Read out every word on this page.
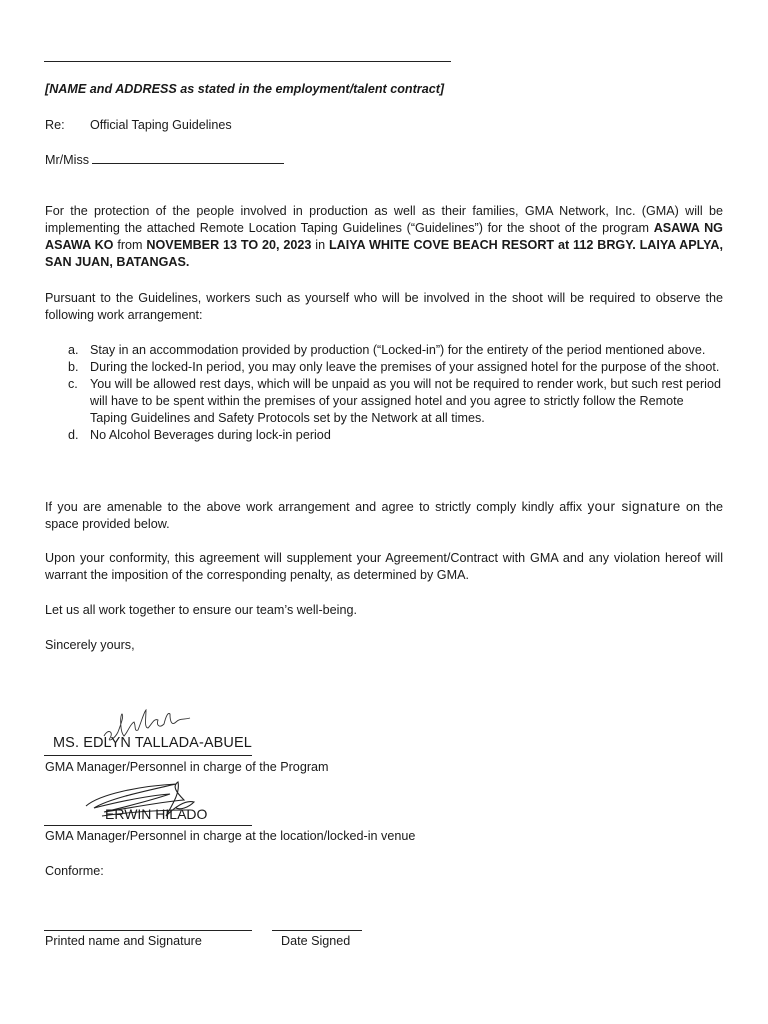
[NAME and ADDRESS as stated in the employment/talent contract]
Re: Official Taping Guidelines
Mr/Miss
For the protection of the people involved in production as well as their families, GMA Network, Inc. (GMA) will be implementing the attached Remote Location Taping Guidelines (“Guidelines”) for the shoot of the program ASAWA NG ASAWA KO from NOVEMBER 13 TO 20, 2023 in LAIYA WHITE COVE BEACH RESORT at 112 BRGY. LAIYA APLYA, SAN JUAN, BATANGAS.
Pursuant to the Guidelines, workers such as yourself who will be involved in the shoot will be required to observe the following work arrangement:
a. Stay in an accommodation provided by production (“Locked-in”) for the entirety of the period mentioned above.
b. During the locked-In period, you may only leave the premises of your assigned hotel for the purpose of the shoot.
c. You will be allowed rest days, which will be unpaid as you will not be required to render work, but such rest period will have to be spent within the premises of your assigned hotel and you agree to strictly follow the Remote Taping Guidelines and Safety Protocols set by the Network at all times.
d. No Alcohol Beverages during lock-in period
If you are amenable to the above work arrangement and agree to strictly comply kindly affix your signature on the space provided below.
Upon your conformity, this agreement will supplement your Agreement/Contract with GMA and any violation hereof will warrant the imposition of the corresponding penalty, as determined by GMA.
Let us all work together to ensure our team’s well-being.
Sincerely yours,
MS. EDLYN TALLADA-ABUEL
GMA Manager/Personnel in charge of the Program
ERWIN HILADO
GMA Manager/Personnel in charge at the location/locked-in venue
Conforme:
Printed name and Signature	Date Signed
